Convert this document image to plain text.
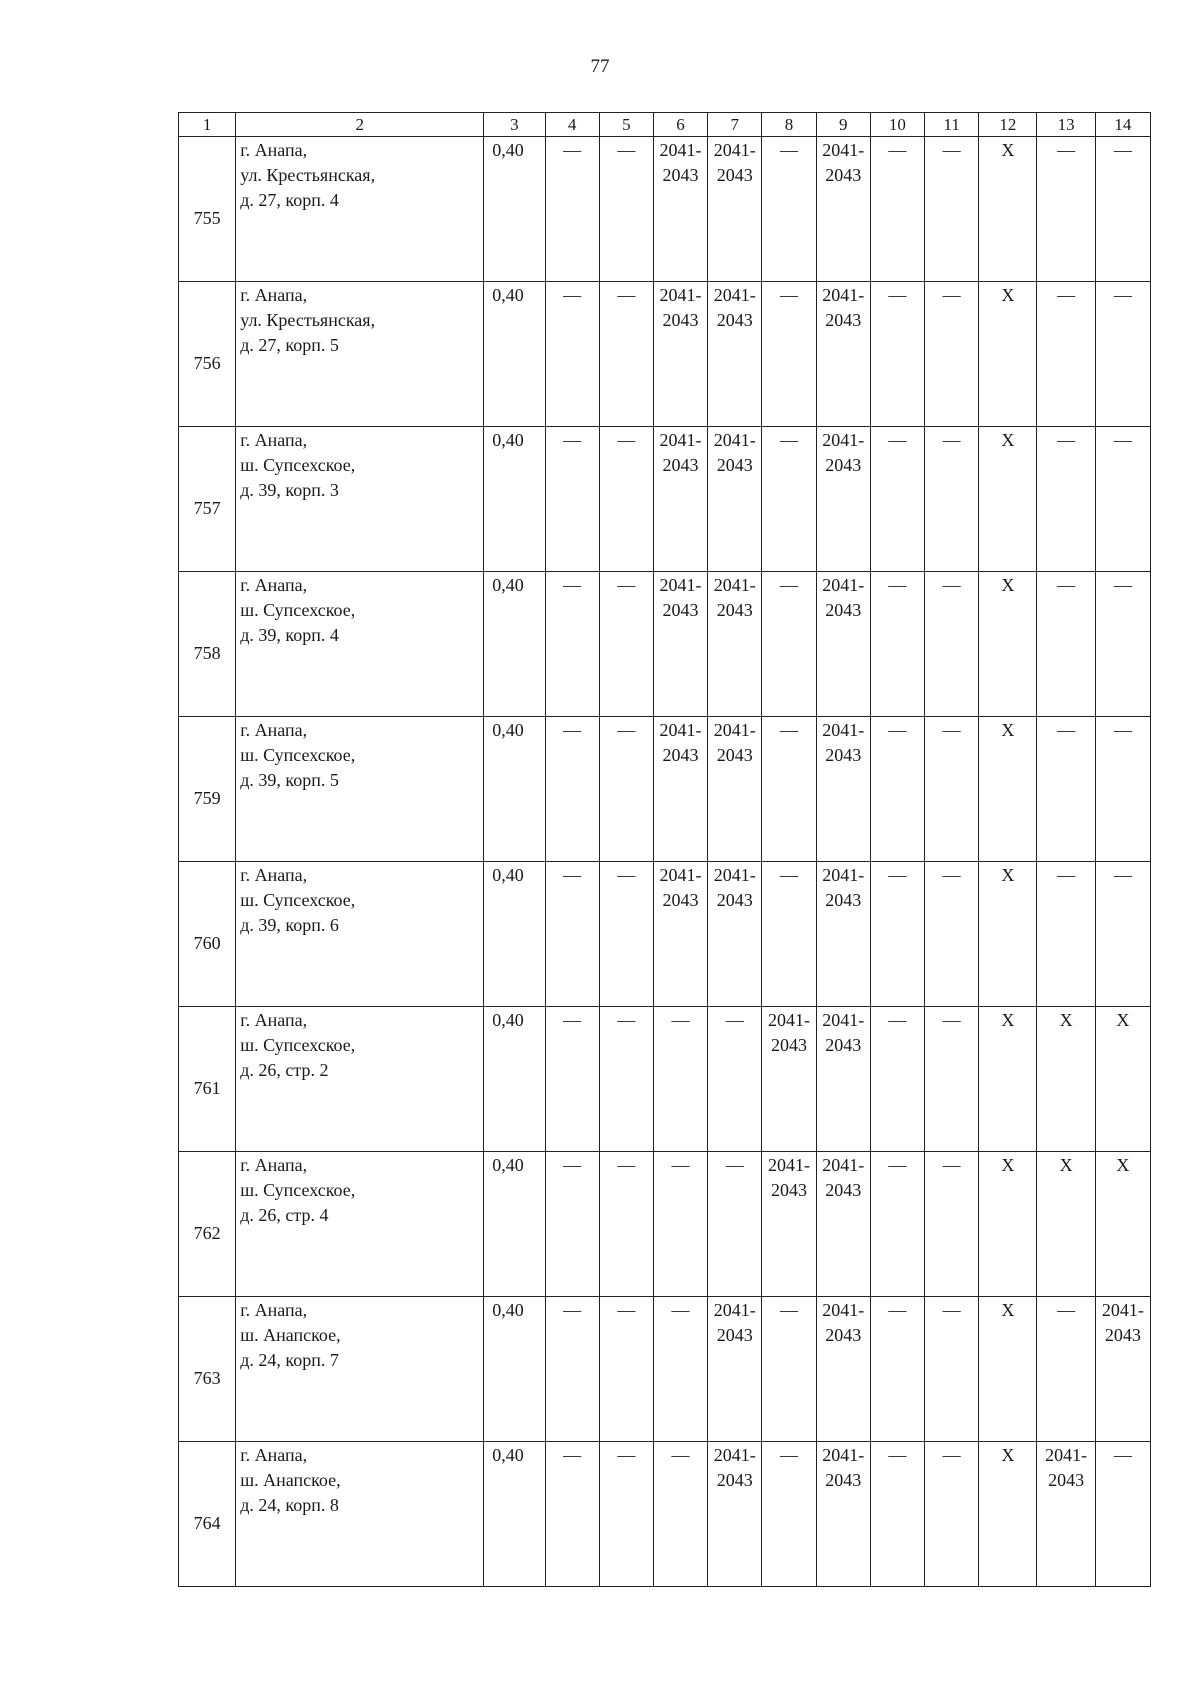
77
1	2	3	4	5	6	7	8	9	10	11	12	13	14

755	г. Анапа,
ул. Крестьянская,
д. 27, корп. 4	0,40	—	—	2041-
2043	2041-
2043	—	2041-
2043	—	—	X	—	—

756	г. Анапа,
ул. Крестьянская,
д. 27, корп. 5	0,40	—	—	2041-
2043	2041-
2043	—	2041-
2043	—	—	X	—	—

757	г. Анапа,
ш. Супсехское,
д. 39, корп. 3	0,40	—	—	2041-
2043	2041-
2043	—	2041-
2043	—	—	X	—	—

758	г. Анапа,
ш. Супсехское,
д. 39, корп. 4	0,40	—	—	2041-
2043	2041-
2043	—	2041-
2043	—	—	X	—	—

759	г. Анапа,
ш. Супсехское,
д. 39, корп. 5	0,40	—	—	2041-
2043	2041-
2043	—	2041-
2043	—	—	X	—	—

760	г. Анапа,
ш. Супсехское,
д. 39, корп. 6	0,40	—	—	2041-
2043	2041-
2043	—	2041-
2043	—	—	X	—	—

761	г. Анапа,
ш. Супсехское,
д. 26, стр. 2	0,40	—	—	—	—	2041-
2043	2041-
2043	—	—	X	X	X

762	г. Анапа,
ш. Супсехское,
д. 26, стр. 4	0,40	—	—	—	—	2041-
2043	2041-
2043	—	—	X	X	X

763	г. Анапа,
ш. Анапское,
д. 24, корп. 7	0,40	—	—	—	2041-
2043	—	2041-
2043	—	—	X	—	2041-
2043

764	г. Анапа,
ш. Анапское,
д. 24, корп. 8	0,40	—	—	—	2041-
2043	—	2041-
2043	—	—	X	2041-
2043	—
